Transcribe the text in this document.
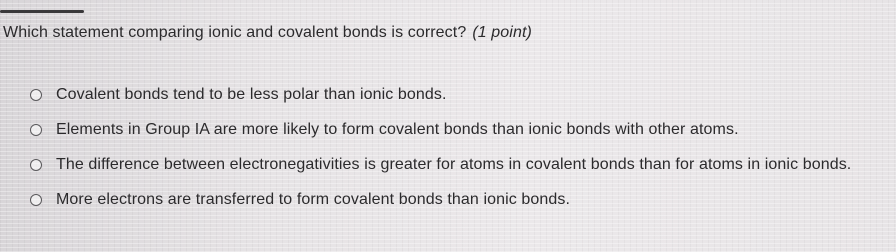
Which statement comparing ionic and covalent bonds is correct? (1 point)
Covalent bonds tend to be less polar than ionic bonds.
Elements in Group IA are more likely to form covalent bonds than ionic bonds with other atoms.
The difference between electronegativities is greater for atoms in covalent bonds than for atoms in ionic bonds.
More electrons are transferred to form covalent bonds than ionic bonds.
